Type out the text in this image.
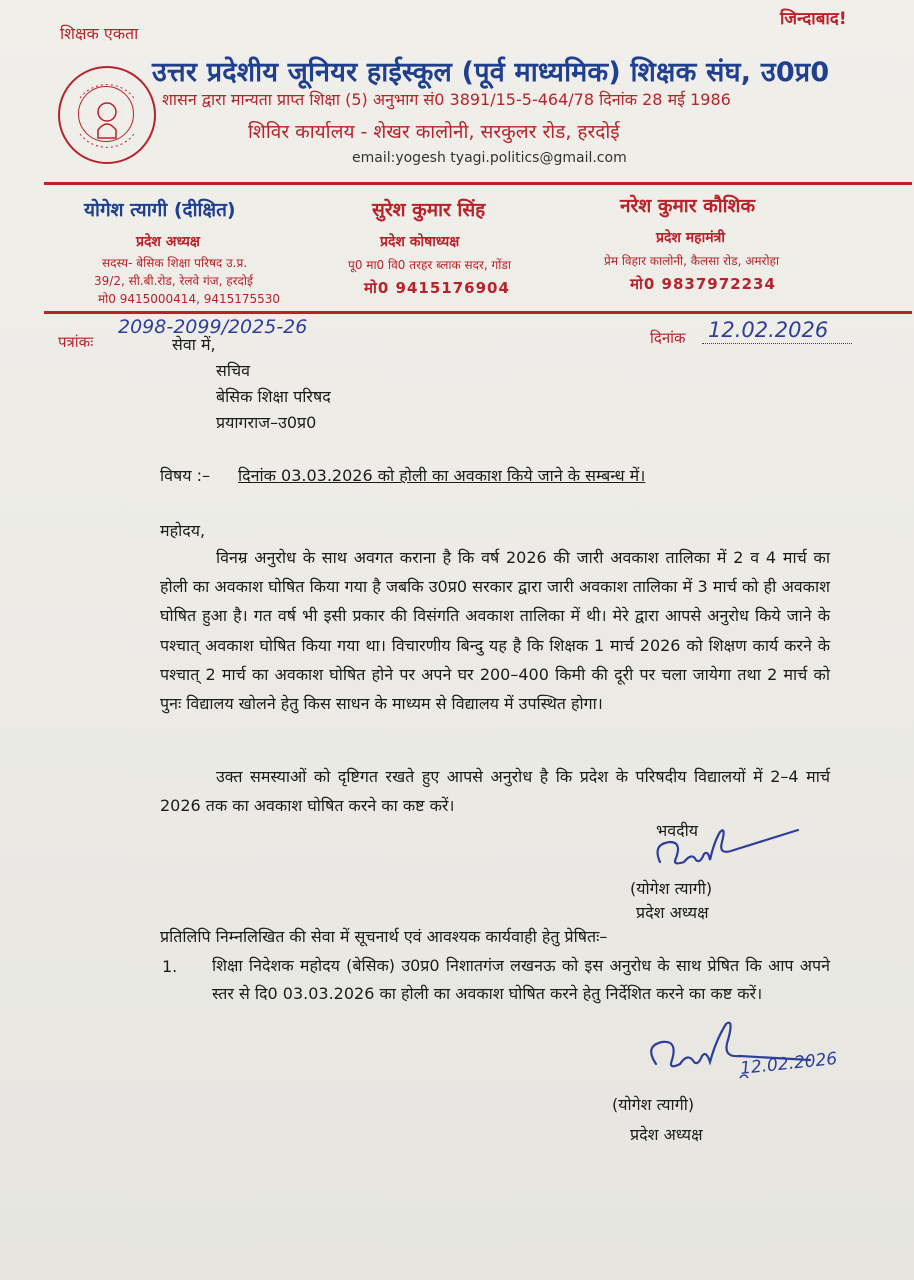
शिक्षक एकता
जिन्दाबाद!
उत्तर प्रदेशीय जूनियर हाईस्कूल (पूर्व माध्यमिक) शिक्षक संघ, उ0प्र0
शासन द्वारा मान्यता प्राप्त शिक्षा (5) अनुभाग सं0 3891/15-5-464/78 दिनांक 28 मई 1986
शिविर कार्यालय - शेखर कालोनी, सरकुलर रोड, हरदोई
email:yogesh tyagi.politics@gmail.com
योगेश त्यागी (दीक्षित)
प्रदेश अध्यक्ष
सदस्य- बेसिक शिक्षा परिषद उ.प्र.
39/2, सी.बी.रोड, रेलवे गंज, हरदोई
मो0 9415000414, 9415175530
सुरेश कुमार सिंह
प्रदेश कोषाध्यक्ष
पू0 मा0 वि0 तरहर ब्लाक सदर, गोंडा
मो0 9415176904
नरेश कुमार कौशिक
प्रदेश महामंत्री
प्रेम विहार कालोनी, कैलसा रोड, अमरोहा
मो0 9837972234
पत्रांकः
2098-2099/2025-26	दिनांक 12.02.2026
सेवा में,
सचिव
बेसिक शिक्षा परिषद
प्रयागराज–उ0प्र0
विषय :– दिनांक 03.03.2026 को होली का अवकाश किये जाने के सम्बन्ध में।
महोदय,
विनम्र अनुरोध के साथ अवगत कराना है कि वर्ष 2026 की जारी अवकाश तालिका में 2 व 4 मार्च का होली का अवकाश घोषित किया गया है जबकि उ0प्र0 सरकार द्वारा जारी अवकाश तालिका में 3 मार्च को ही अवकाश घोषित हुआ है। गत वर्ष भी इसी प्रकार की विसंगति अवकाश तालिका में थी। मेरे द्वारा आपसे अनुरोध किये जाने के पश्चात् अवकाश घोषित किया गया था। विचारणीय बिन्दु यह है कि शिक्षक 1 मार्च 2026 को शिक्षण कार्य करने के पश्चात् 2 मार्च का अवकाश घोषित होने पर अपने घर 200–400 किमी की दूरी पर चला जायेगा तथा 2 मार्च को पुनः विद्यालय खोलने हेतु किस साधन के माध्यम से विद्यालय में उपस्थित होगा।
उक्त समस्याओं को दृष्टिगत रखते हुए आपसे अनुरोध है कि प्रदेश के परिषदीय विद्यालयों में 2–4 मार्च 2026 तक का अवकाश घोषित करने का कष्ट करें।
भवदीय
(योगेश त्यागी)
प्रदेश अध्यक्ष
प्रतिलिपि निम्नलिखित की सेवा में सूचनार्थ एवं आवश्यक कार्यवाही हेतु प्रेषितः–
1. शिक्षा निदेशक महोदय (बेसिक) उ0प्र0 निशातगंज लखनऊ को इस अनुरोध के साथ प्रेषित कि आप अपने स्तर से दि0 03.03.2026 का होली का अवकाश घोषित करने हेतु निर्देशित करने का कष्ट करें।
12.02.2026
(योगेश त्यागी)
प्रदेश अध्यक्ष
